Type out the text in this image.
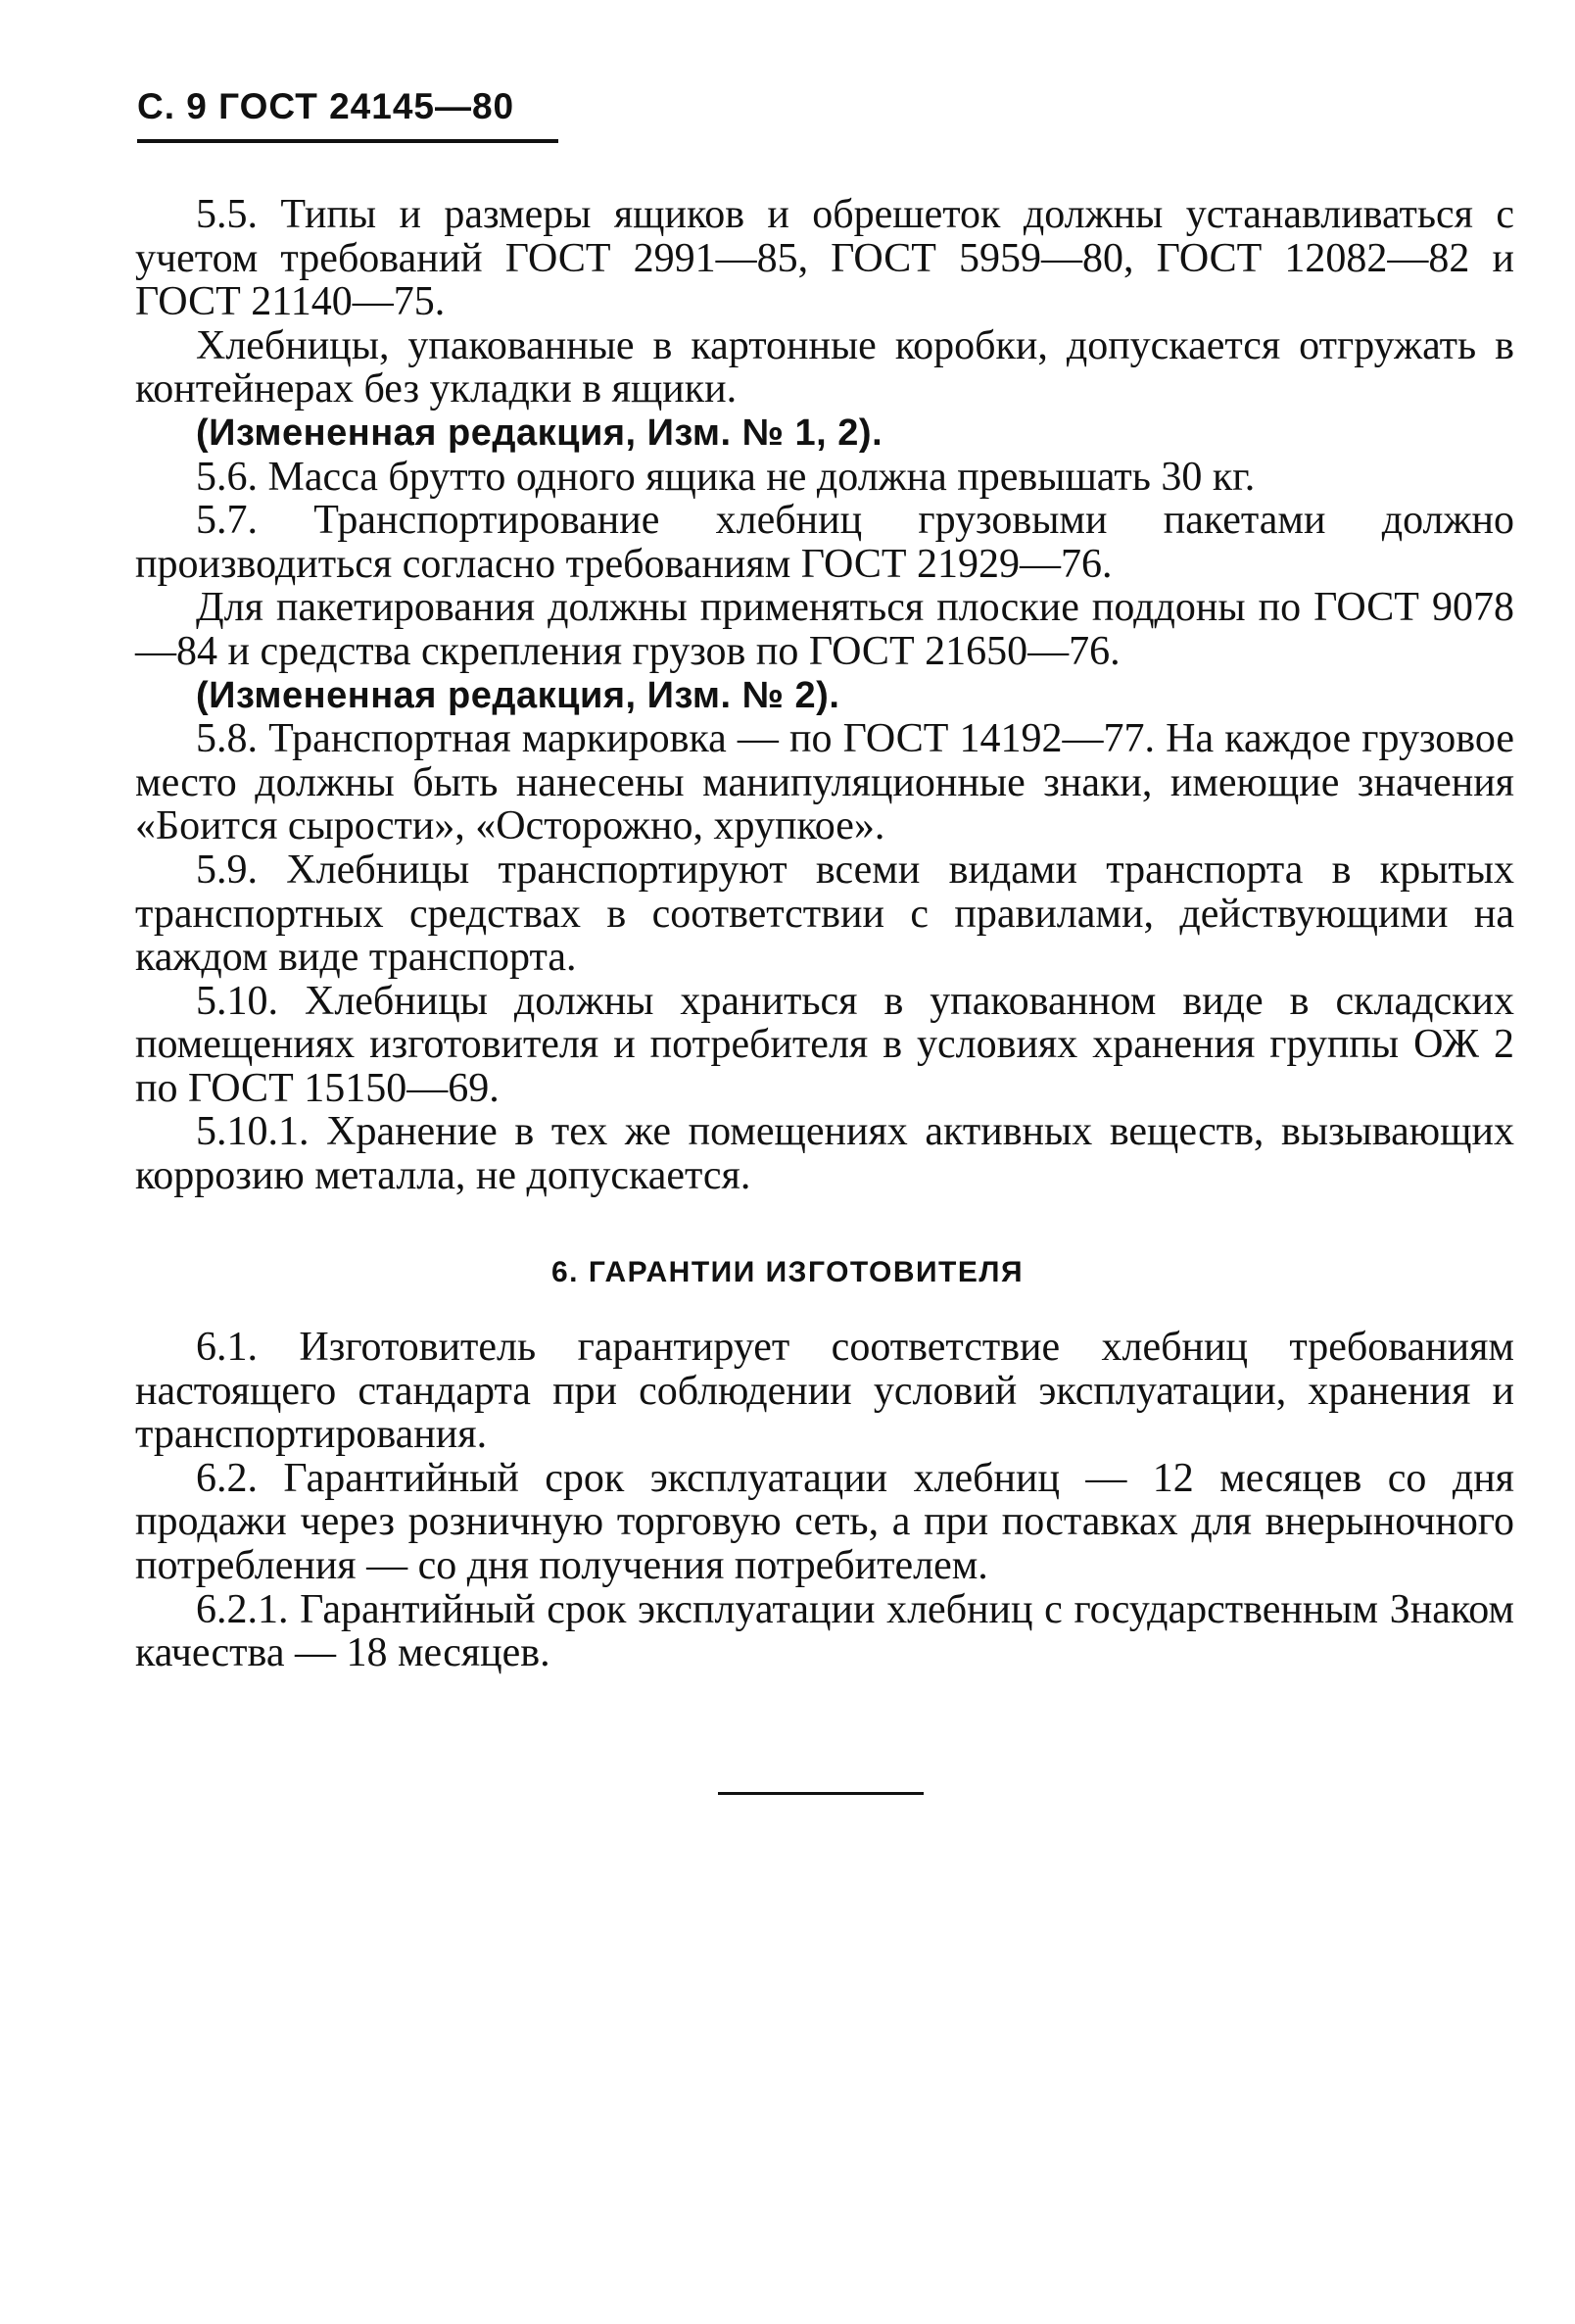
С. 9 ГОСТ 24145—80

5.5. Типы и размеры ящиков и обрешеток должны устанавливаться с учетом требований ГОСТ 2991—85, ГОСТ 5959—80, ГОСТ 12082—82 и ГОСТ 21140—75.

Хлебницы, упакованные в картонные коробки, допускается отгружать в контейнерах без укладки в ящики.

(Измененная редакция, Изм. № 1, 2).

5.6. Масса брутто одного ящика не должна превышать 30 кг.

5.7. Транспортирование хлебниц грузовыми пакетами должно производиться согласно требованиям ГОСТ 21929—76.

Для пакетирования должны применяться плоские поддоны по ГОСТ 9078—84 и средства скрепления грузов по ГОСТ 21650—76.

(Измененная редакция, Изм. № 2).

5.8. Транспортная маркировка — по ГОСТ 14192—77. На каждое грузовое место должны быть нанесены манипуляционные знаки, имеющие значения «Боится сырости», «Осторожно, хрупкое».

5.9. Хлебницы транспортируют всеми видами транспорта в крытых транспортных средствах в соответствии с правилами, действующими на каждом виде транспорта.

5.10. Хлебницы должны храниться в упакованном виде в складских помещениях изготовителя и потребителя в условиях хранения группы ОЖ 2 по ГОСТ 15150—69.

5.10.1. Хранение в тех же помещениях активных веществ, вызывающих коррозию металла, не допускается.

6. ГАРАНТИИ ИЗГОТОВИТЕЛЯ

6.1. Изготовитель гарантирует соответствие хлебниц требованиям настоящего стандарта при соблюдении условий эксплуатации, хранения и транспортирования.

6.2. Гарантийный срок эксплуатации хлебниц — 12 месяцев со дня продажи через розничную торговую сеть, а при поставках для внерыночного потребления — со дня получения потребителем.

6.2.1. Гарантийный срок эксплуатации хлебниц с государственным Знаком качества — 18 месяцев.
